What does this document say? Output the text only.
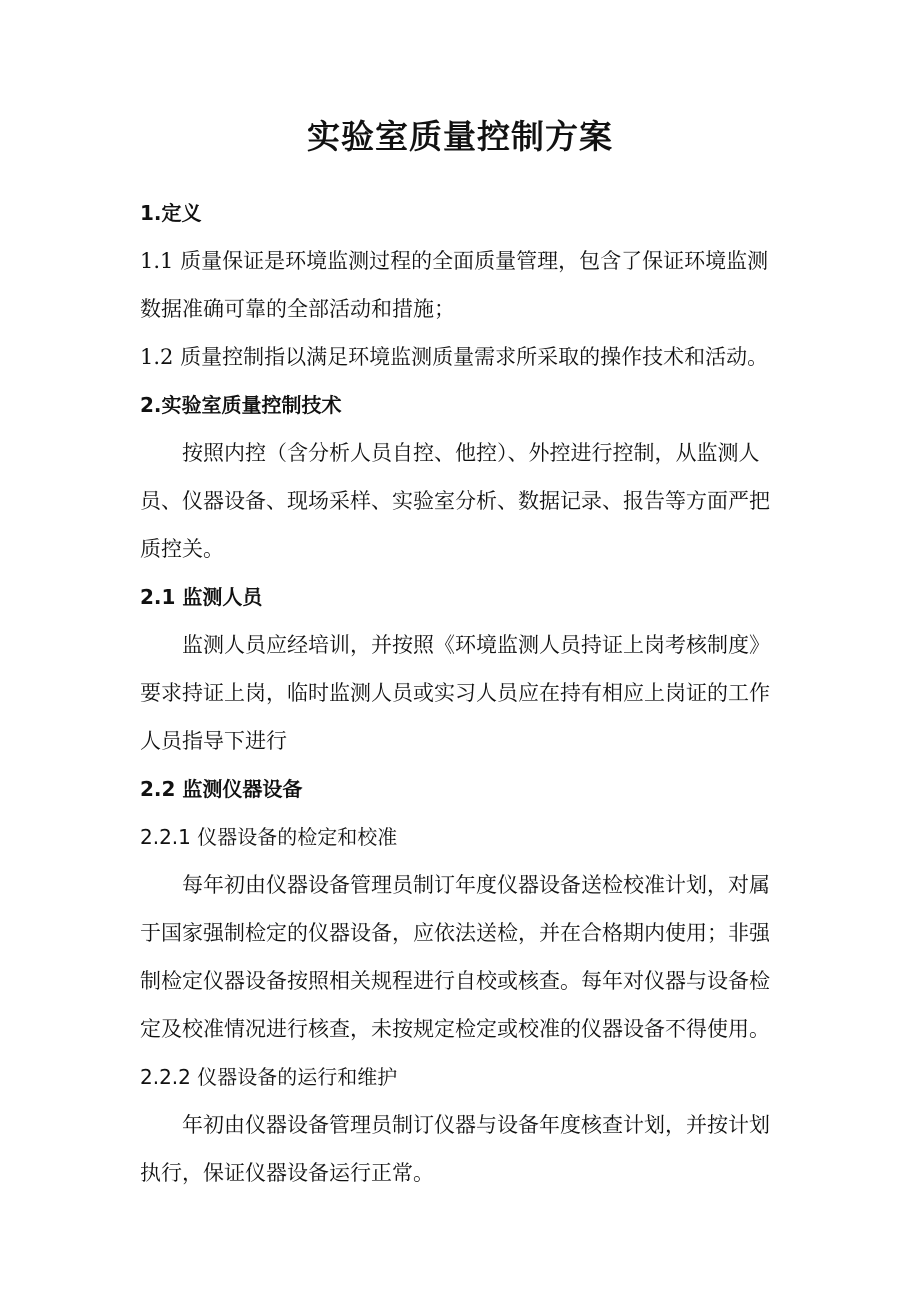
实验室质量控制方案
1.定义
1.1 质量保证是环境监测过程的全面质量管理，包含了保证环境监测
数据准确可靠的全部活动和措施；
1.2 质量控制指以满足环境监测质量需求所采取的操作技术和活动。
2.实验室质量控制技术
按照内控（含分析人员自控、他控）、外控进行控制，从监测人
员、仪器设备、现场采样、实验室分析、数据记录、报告等方面严把
质控关。
2.1 监测人员
监测人员应经培训，并按照《环境监测人员持证上岗考核制度》
要求持证上岗，临时监测人员或实习人员应在持有相应上岗证的工作
人员指导下进行
2.2 监测仪器设备
2.2.1 仪器设备的检定和校准
每年初由仪器设备管理员制订年度仪器设备送检校准计划，对属
于国家强制检定的仪器设备，应依法送检，并在合格期内使用；非强
制检定仪器设备按照相关规程进行自校或核查。每年对仪器与设备检
定及校准情况进行核查，未按规定检定或校准的仪器设备不得使用。
2.2.2 仪器设备的运行和维护
年初由仪器设备管理员制订仪器与设备年度核查计划，并按计划
执行，保证仪器设备运行正常。
